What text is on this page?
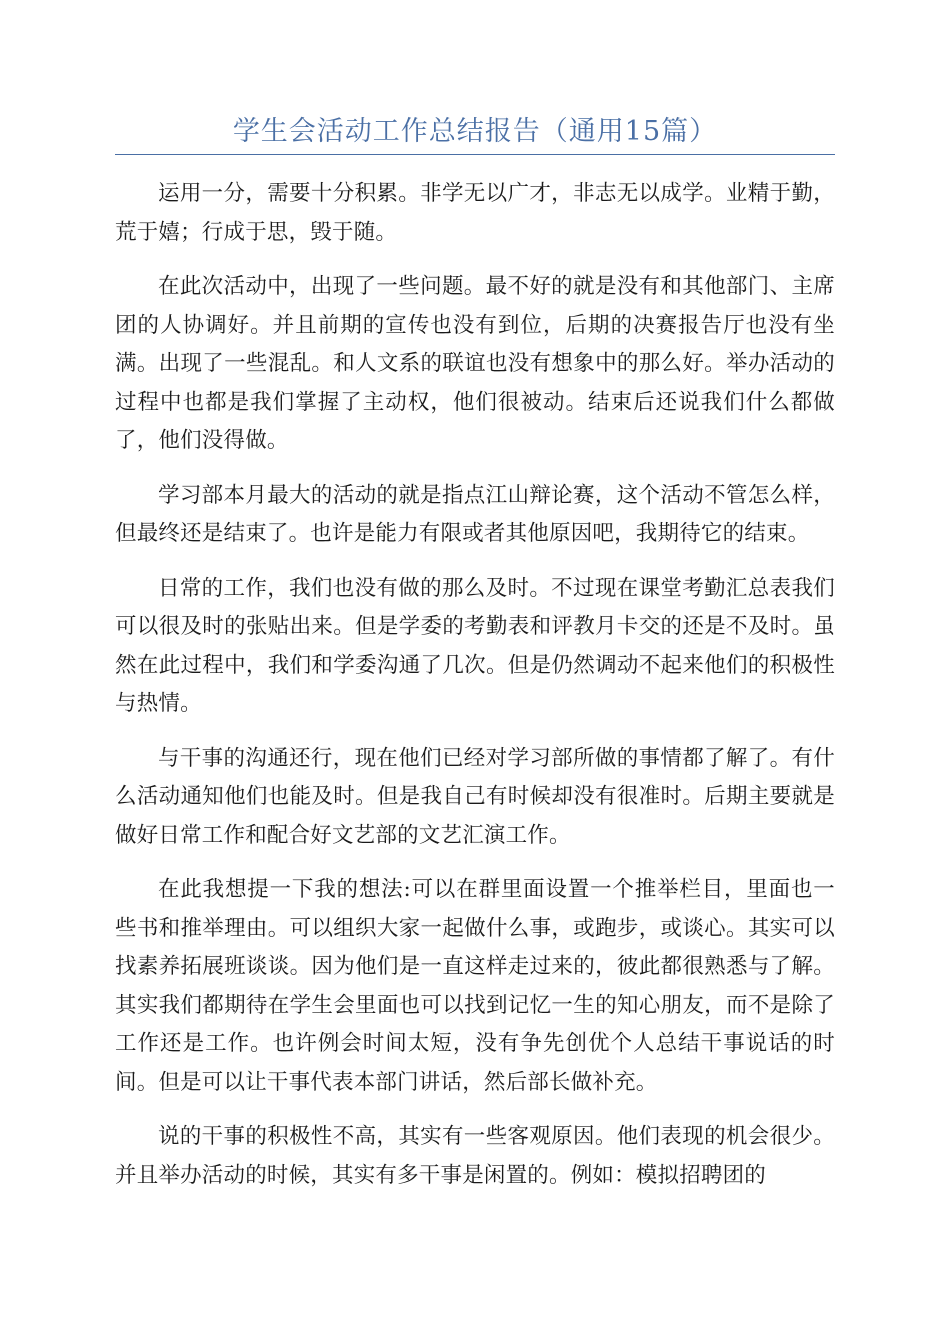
学生会活动工作总结报告（通用15篇）

运用一分，需要十分积累。非学无以广才，非志无以成学。业精于勤，荒于嬉；行成于思，毁于随。

在此次活动中，出现了一些问题。最不好的就是没有和其他部门、主席团的人协调好。并且前期的宣传也没有到位，后期的决赛报告厅也没有坐满。出现了一些混乱。和人文系的联谊也没有想象中的那么好。举办活动的过程中也都是我们掌握了主动权，他们很被动。结束后还说我们什么都做了，他们没得做。

学习部本月最大的活动的就是指点江山辩论赛，这个活动不管怎么样，但最终还是结束了。也许是能力有限或者其他原因吧，我期待它的结束。

日常的工作，我们也没有做的那么及时。不过现在课堂考勤汇总表我们可以很及时的张贴出来。但是学委的考勤表和评教月卡交的还是不及时。虽然在此过程中，我们和学委沟通了几次。但是仍然调动不起来他们的积极性与热情。

与干事的沟通还行，现在他们已经对学习部所做的事情都了解了。有什么活动通知他们也能及时。但是我自己有时候却没有很准时。后期主要就是做好日常工作和配合好文艺部的文艺汇演工作。

在此我想提一下我的想法:可以在群里面设置一个推举栏目，里面也一些书和推举理由。可以组织大家一起做什么事，或跑步，或谈心。其实可以找素养拓展班谈谈。因为他们是一直这样走过来的，彼此都很熟悉与了解。其实我们都期待在学生会里面也可以找到记忆一生的知心朋友，而不是除了工作还是工作。也许例会时间太短，没有争先创优个人总结干事说话的时间。但是可以让干事代表本部门讲话，然后部长做补充。

说的干事的积极性不高，其实有一些客观原因。他们表现的机会很少。并且举办活动的时候，其实有多干事是闲置的。例如：模拟招聘团的
